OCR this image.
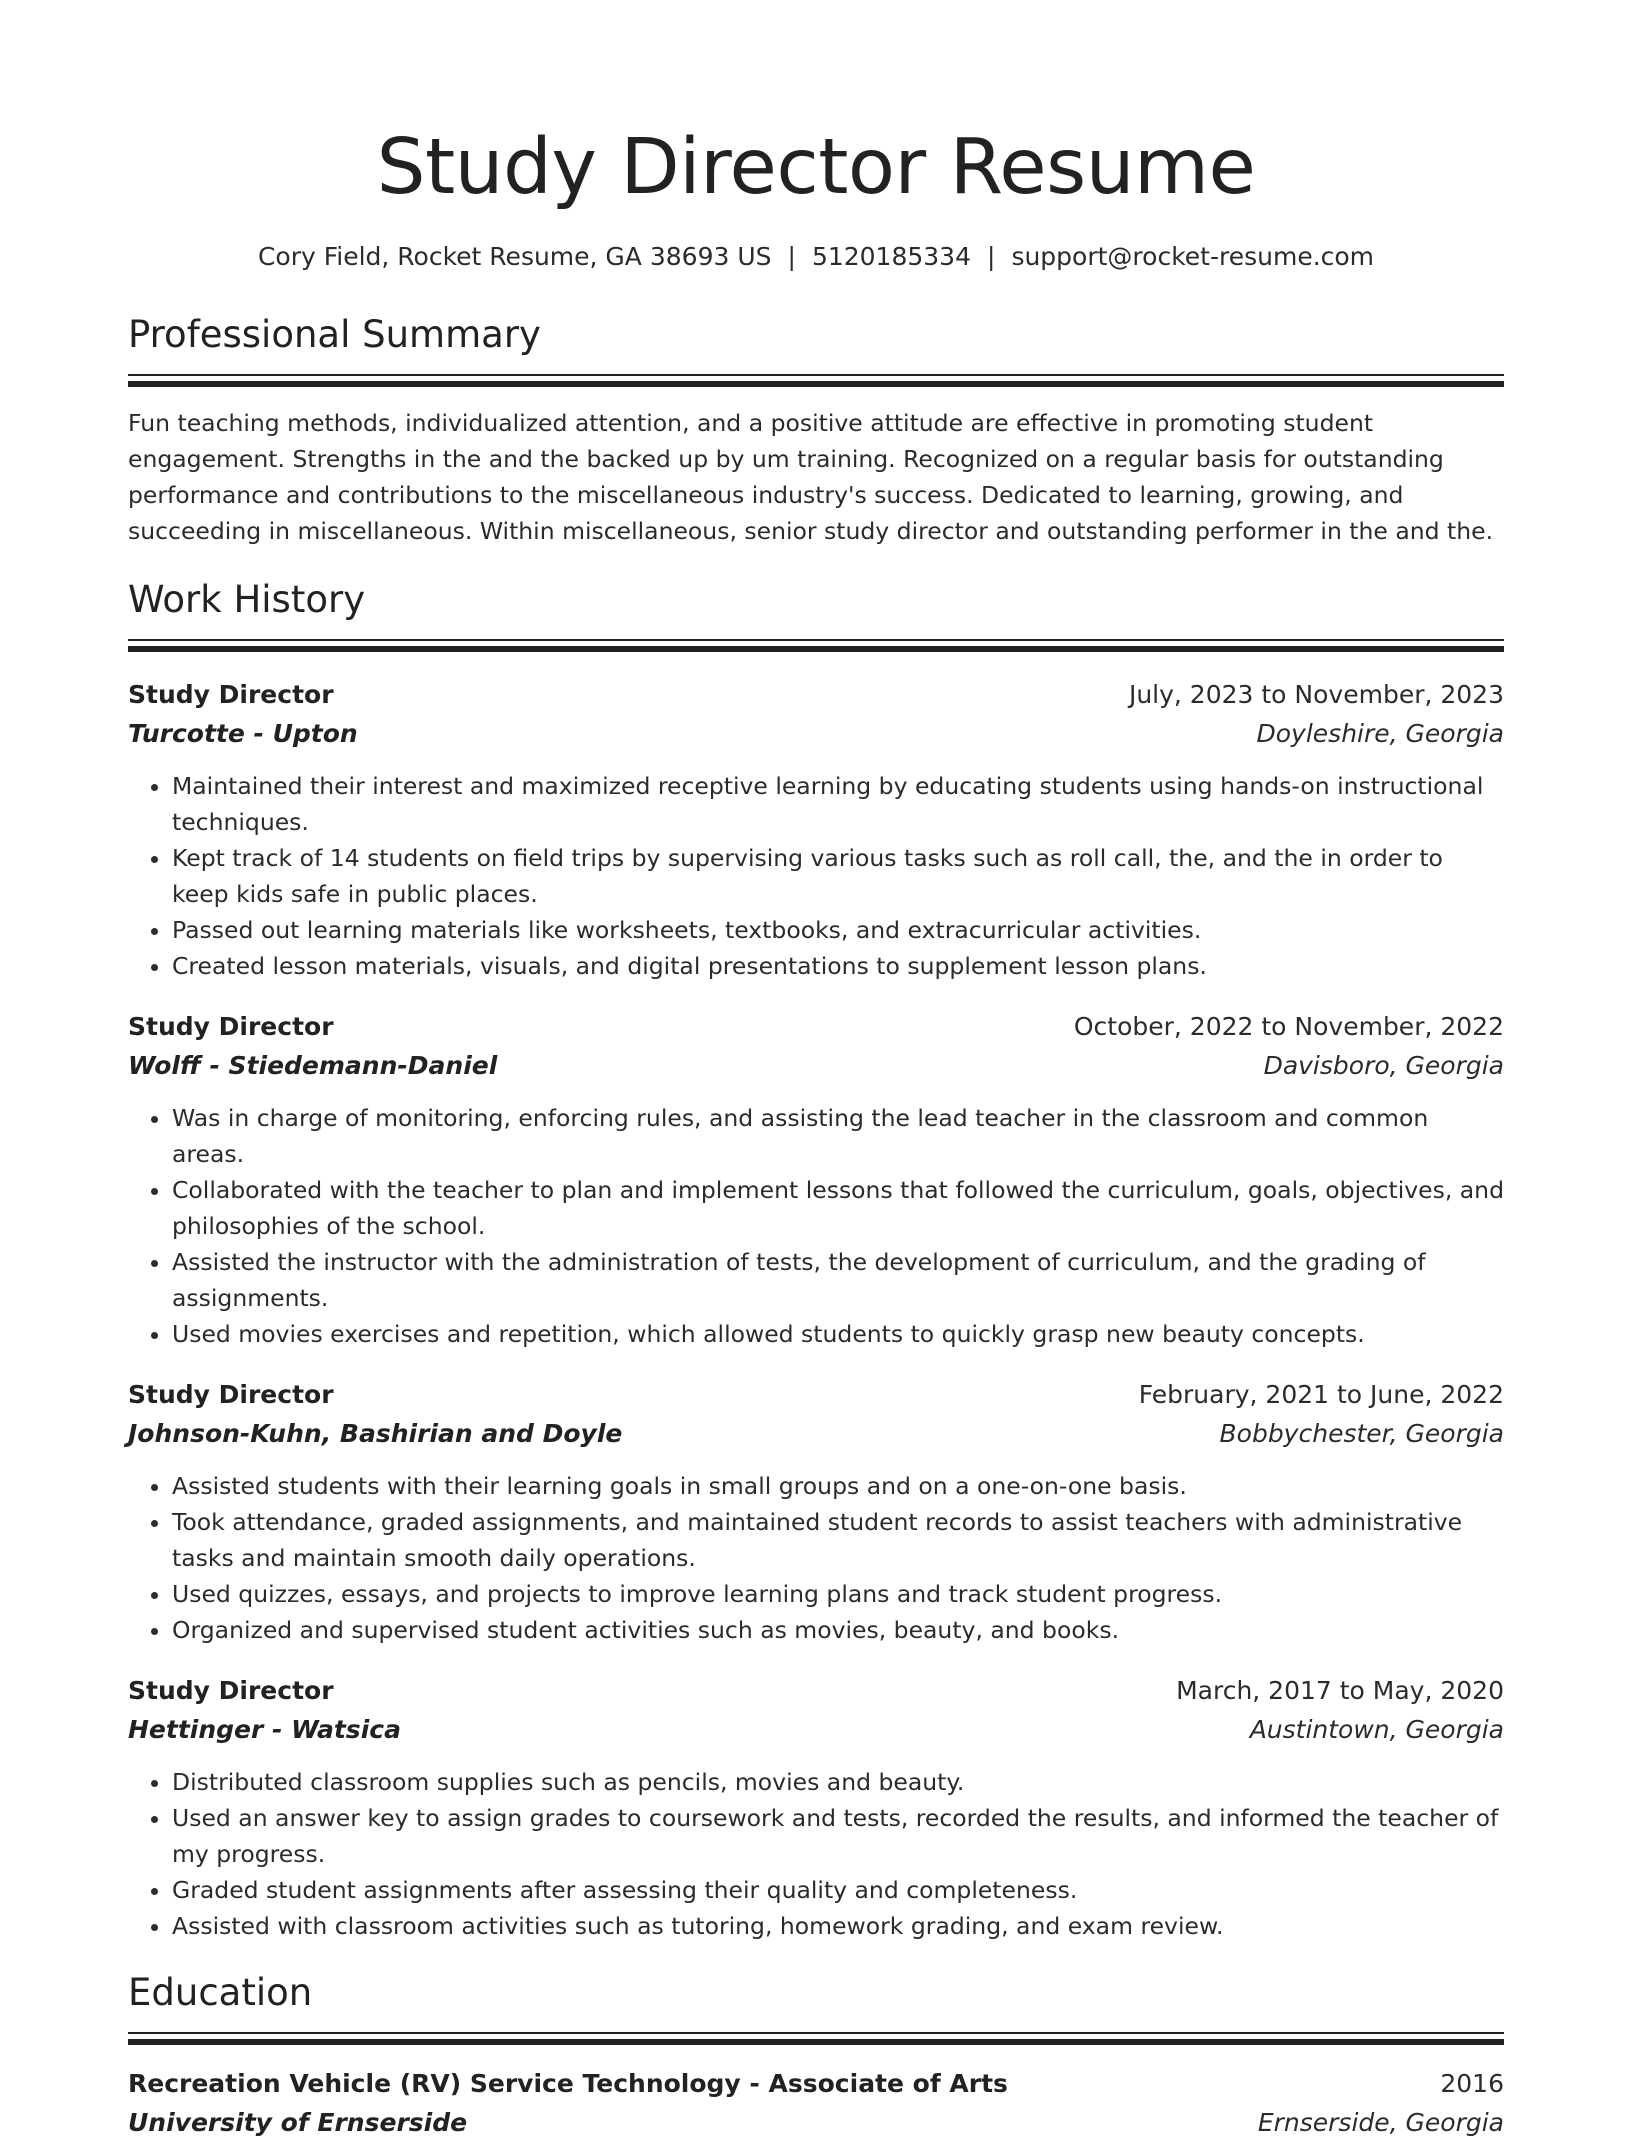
Study Director Resume
Cory Field, Rocket Resume, GA 38693 US | 5120185334 | support@rocket-resume.com
Professional Summary

Fun teaching methods, individualized attention, and a positive attitude are effective in promoting student engagement. Strengths in the and the backed up by um training. Recognized on a regular basis for outstanding performance and contributions to the miscellaneous industry's success. Dedicated to learning, growing, and succeeding in miscellaneous. Within miscellaneous, senior study director and outstanding performer in the and the.

Work History
Study Director	July, 2023 to November, 2023
Turcotte - Upton	Doyleshire, Georgia
• Maintained their interest and maximized receptive learning by educating students using hands-on instructional techniques.
• Kept track of 14 students on field trips by supervising various tasks such as roll call, the, and the in order to keep kids safe in public places.
• Passed out learning materials like worksheets, textbooks, and extracurricular activities.
• Created lesson materials, visuals, and digital presentations to supplement lesson plans.
Study Director	October, 2022 to November, 2022
Wolff - Stiedemann-Daniel	Davisboro, Georgia
• Was in charge of monitoring, enforcing rules, and assisting the lead teacher in the classroom and common areas.
• Collaborated with the teacher to plan and implement lessons that followed the curriculum, goals, objectives, and philosophies of the school.
• Assisted the instructor with the administration of tests, the development of curriculum, and the grading of assignments.
• Used movies exercises and repetition, which allowed students to quickly grasp new beauty concepts.
Study Director	February, 2021 to June, 2022
Johnson-Kuhn, Bashirian and Doyle	Bobbychester, Georgia
• Assisted students with their learning goals in small groups and on a one-on-one basis.
• Took attendance, graded assignments, and maintained student records to assist teachers with administrative tasks and maintain smooth daily operations.
• Used quizzes, essays, and projects to improve learning plans and track student progress.
• Organized and supervised student activities such as movies, beauty, and books.
Study Director	March, 2017 to May, 2020
Hettinger - Watsica	Austintown, Georgia
• Distributed classroom supplies such as pencils, movies and beauty.
• Used an answer key to assign grades to coursework and tests, recorded the results, and informed the teacher of my progress.
• Graded student assignments after assessing their quality and completeness.
• Assisted with classroom activities such as tutoring, homework grading, and exam review.
Education
Recreation Vehicle (RV) Service Technology - Associate of Arts	2016
University of Ernserside	Ernserside, Georgia
